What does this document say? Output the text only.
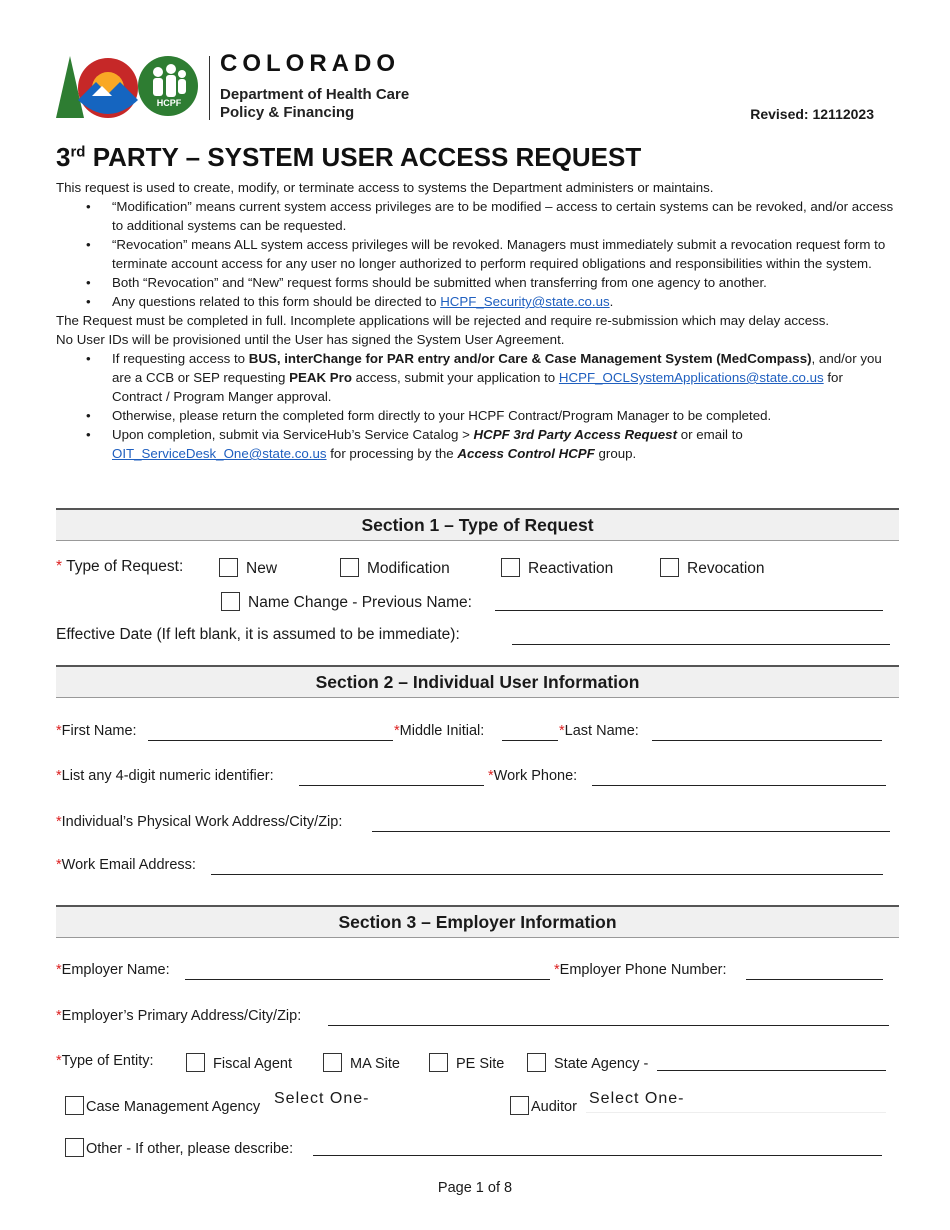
HCPF
COLORADO
Department of Health Care
Policy & Financing	Revised: 12112023
3rd PARTY – SYSTEM USER ACCESS REQUEST

This request is used to create, modify, or terminate access to systems the Department administers or maintains.

• “Modification” means current system access privileges are to be modified – access to certain systems can be revoked, and/or access to additional systems can be requested.
• “Revocation” means ALL system access privileges will be revoked. Managers must immediately submit a revocation request form to terminate account access for any user no longer authorized to perform required obligations and responsibilities within the system.
• Both “Revocation” and “New” request forms should be submitted when transferring from one agency to another.
• Any questions related to this form should be directed to HCPF_Security@state.co.us.

The Request must be completed in full. Incomplete applications will be rejected and require re-submission which may delay access.

No User IDs will be provisioned until the User has signed the System User Agreement.

• If requesting access to BUS, interChange for PAR entry and/or Care & Case Management System (MedCompass), and/or you are a CCB or SEP requesting PEAK Pro access, submit your application to HCPF_OCLSystemApplications@state.co.us for Contract / Program Manger approval.
• Otherwise, please return the completed form directly to your HCPF Contract/Program Manager to be completed.
• Upon completion, submit via ServiceHub’s Service Catalog > HCPF 3rd Party Access Request or email to OIT_ServiceDesk_One@state.co.us for processing by the Access Control HCPF group.
Section 1 – Type of Request
* Type of Request:	New	Modification	Reactivation	Revocation
Name Change - Previous Name:
Effective Date (If left blank, it is assumed to be immediate):
Section 2 – Individual User Information
*First Name:	*Middle Initial:	*Last Name:
*List any 4-digit numeric identifier:	*Work Phone:
*Individual’s Physical Work Address/City/Zip:
*Work Email Address:
Section 3 – Employer Information
*Employer Name:	*Employer Phone Number:
*Employer’s Primary Address/City/Zip:
*Type of Entity:	Fiscal Agent	MA Site	PE Site	State Agency -
Case Management Agency Select One-	Auditor Select One-
Other - If other, please describe:
Page 1 of 8
